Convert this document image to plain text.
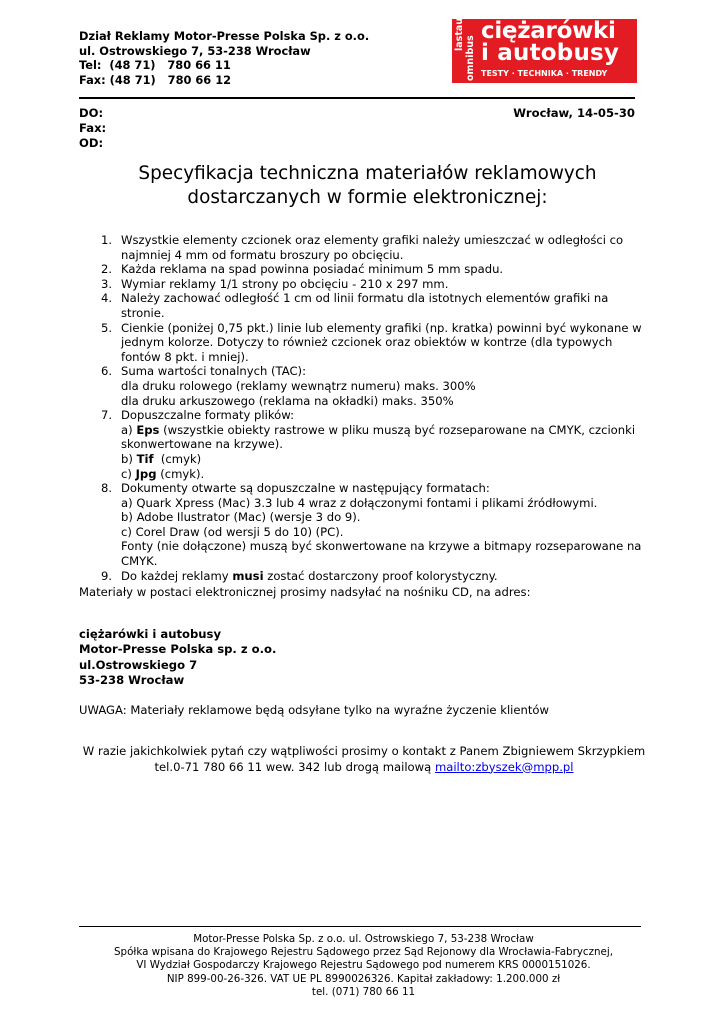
Dział Reklamy Motor-Presse Polska Sp. z o.o.
ul. Ostrowskiego 7, 53-238 Wrocław
Tel:  (48 71)   780 66 11
Fax: (48 71)   780 66 12
lastauto
omnibus
ciężarówki
i autobusy
TESTY · TECHNIKA · TRENDY
DO:
Fax:
OD:
Wrocław, 14-05-30
Specyfikacja techniczna materiałów reklamowych
dostarczanych w formie elektronicznej:
1. Wszystkie elementy czcionek oraz elementy grafiki należy umieszczać w odległości co najmniej 4 mm od formatu broszury po obcięciu.
2. Każda reklama na spad powinna posiadać minimum 5 mm spadu.
3. Wymiar reklamy 1/1 strony po obcięciu - 210 x 297 mm.
4. Należy zachować odległość 1 cm od linii formatu dla istotnych elementów grafiki na stronie.
5. Cienkie (poniżej 0,75 pkt.) linie lub elementy grafiki (np. kratka) powinni być wykonane w jednym kolorze. Dotyczy to również czcionek oraz obiektów w kontrze (dla typowych fontów 8 pkt. i mniej).
6. Suma wartości tonalnych (TAC):
dla druku rolowego (reklamy wewnątrz numeru) maks. 300%
dla druku arkuszowego (reklama na okładki) maks. 350%
7. Dopuszczalne formaty plików:
a) Eps (wszystkie obiekty rastrowe w pliku muszą być rozseparowane na CMYK, czcionki skonwertowane na krzywe).
b) Tif  (cmyk)
c) Jpg (cmyk).
8. Dokumenty otwarte są dopuszczalne w następujący formatach:
a) Quark Xpress (Mac) 3.3 lub 4 wraz z dołączonymi fontami i plikami źródłowymi.
b) Adobe Ilustrator (Mac) (wersje 3 do 9).
c) Corel Draw (od wersji 5 do 10) (PC).
Fonty (nie dołączone) muszą być skonwertowane na krzywe a bitmapy rozseparowane na CMYK.
9. Do każdej reklamy musi zostać dostarczony proof kolorystyczny.
Materiały w postaci elektronicznej prosimy nadsyłać na nośniku CD, na adres:
ciężarówki i autobusy
Motor-Presse Polska sp. z o.o.
ul.Ostrowskiego 7
53-238 Wrocław
UWAGA: Materiały reklamowe będą odsyłane tylko na wyraźne życzenie klientów
W razie jakichkolwiek pytań czy wątpliwości prosimy o kontakt z Panem Zbigniewem Skrzypkiem
tel.0-71 780 66 11 wew. 342 lub drogą mailową mailto:zbyszek@mpp.pl
Motor-Presse Polska Sp. z o.o. ul. Ostrowskiego 7, 53-238 Wrocław
Spółka wpisana do Krajowego Rejestru Sądowego przez Sąd Rejonowy dla Wrocławia-Fabrycznej,
VI Wydział Gospodarczy Krajowego Rejestru Sądowego pod numerem KRS 0000151026.
NIP 899-00-26-326. VAT UE PL 8990026326. Kapitał zakładowy: 1.200.000 zł
tel. (071) 780 66 11
